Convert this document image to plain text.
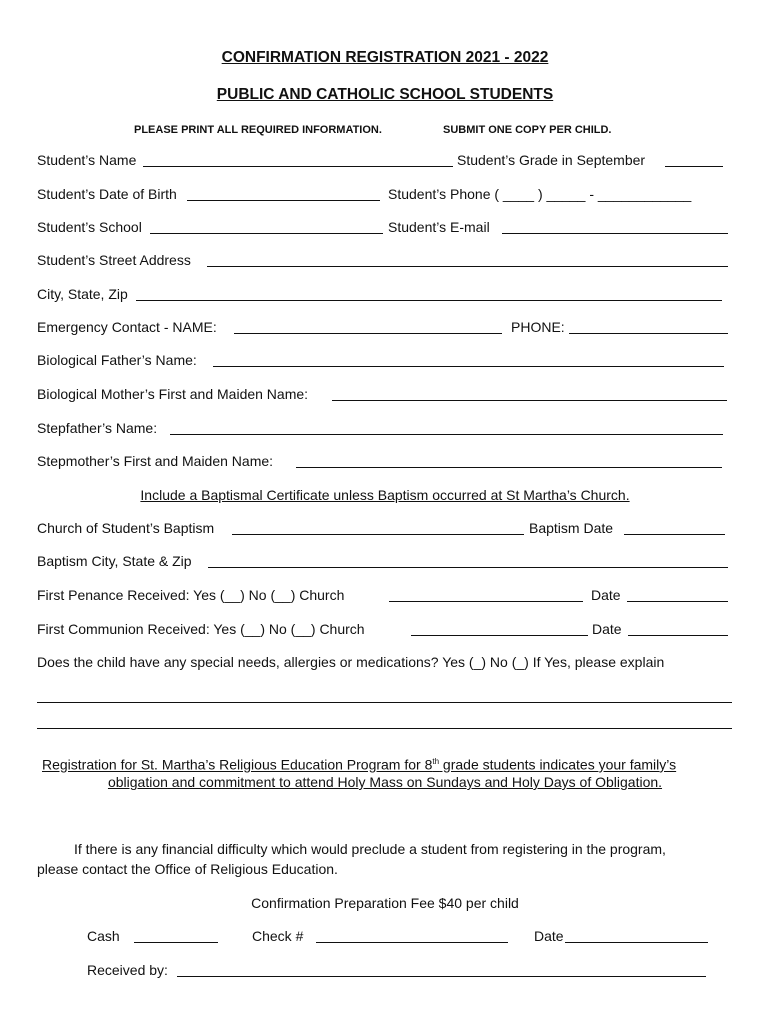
CONFIRMATION REGISTRATION 2021 - 2022
PUBLIC AND CATHOLIC SCHOOL STUDENTS
PLEASE PRINT ALL REQUIRED INFORMATION.	SUBMIT ONE COPY PER CHILD.
Student’s Name	Student’s Grade in September
Student’s Date of Birth	Student’s Phone ( ____ ) _____ - ____________
Student’s School	Student’s E-mail
Student’s Street Address
City, State, Zip
Emergency Contact - NAME:	PHONE:
Biological Father’s Name:
Biological Mother’s First and Maiden Name:
Stepfather’s Name:
Stepmother’s First and Maiden Name:
Include a Baptismal Certificate unless Baptism occurred at St Martha’s Church.
Church of Student’s Baptism	Baptism Date
Baptism City, State & Zip
First Penance Received: Yes (__) No (__) Church	Date
First Communion Received: Yes (__) No (__) Church	Date
Does the child have any special needs, allergies or medications? Yes (_) No (_) If Yes, please explain
Registration for St. Martha’s Religious Education Program for 8th grade students indicates your family’s
obligation and commitment to attend Holy Mass on Sundays and Holy Days of Obligation.
If there is any financial difficulty which would preclude a student from registering in the program,
please contact the Office of Religious Education.
Confirmation Preparation Fee $40 per child
Cash	Check #	Date
Received by:
